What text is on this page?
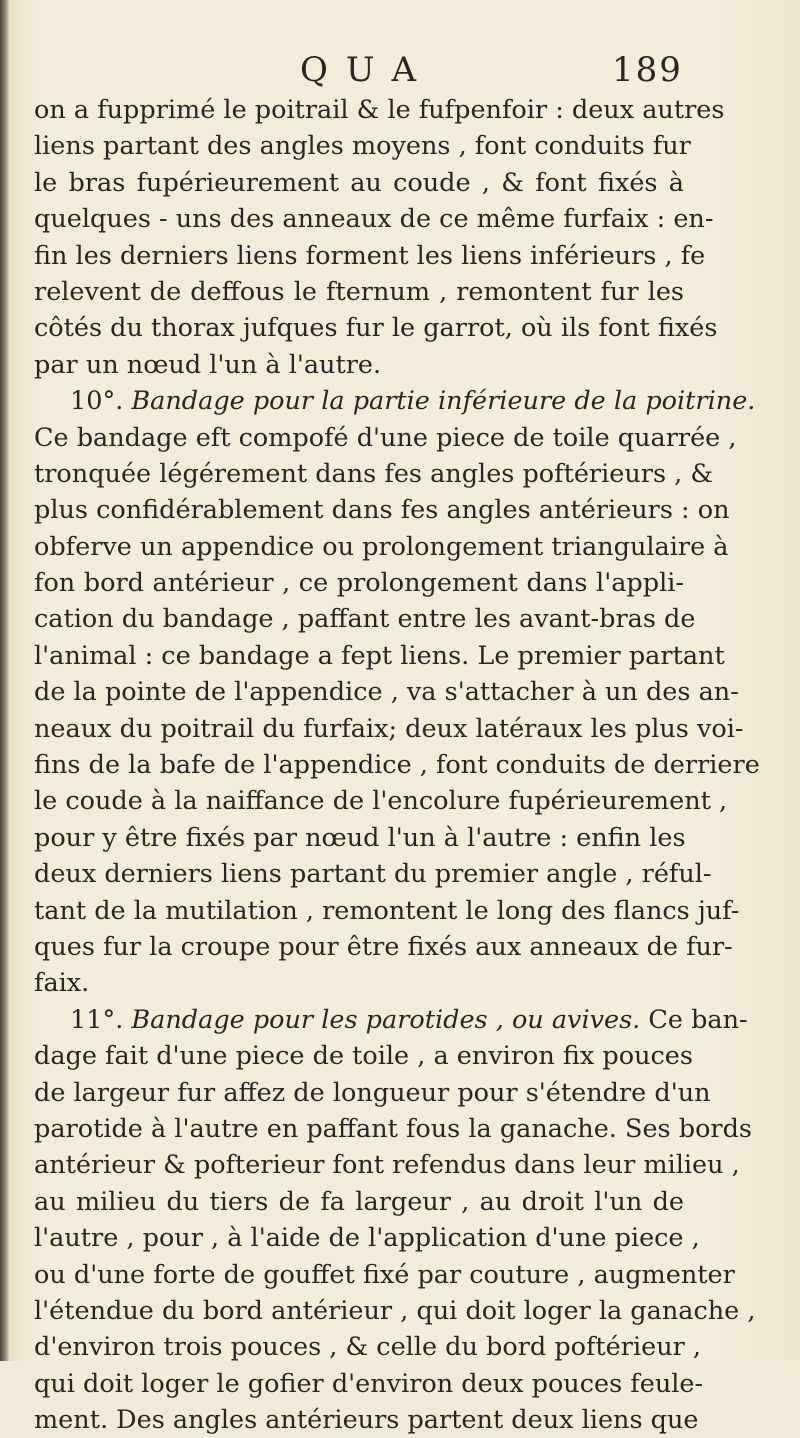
QUA	189
on a fupprimé le poitrail & le fufpenfoir : deux autres
liens partant des angles moyens , font conduits fur
le bras fupérieurement au coude , & font fixés à
quelques - uns des anneaux de ce même furfaix : en-
fin les derniers liens forment les liens inférieurs , fe
relevent de deffous le fternum , remontent fur les
côtés du thorax jufques fur le garrot, où ils font fixés
par un nœud l'un à l'autre.
10°. Bandage pour la partie inférieure de la poitrine.
Ce bandage eft compofé d'une piece de toile quarrée ,
tronquée légérement dans fes angles poftérieurs , &
plus confidérablement dans fes angles antérieurs : on
obferve un appendice ou prolongement triangulaire à
fon bord antérieur , ce prolongement dans l'appli-
cation du bandage , paffant entre les avant-bras de
l'animal : ce bandage a fept liens. Le premier partant
de la pointe de l'appendice , va s'attacher à un des an-
neaux du poitrail du furfaix; deux latéraux les plus voi-
fins de la bafe de l'appendice , font conduits de derriere
le coude à la naiffance de l'encolure fupérieurement ,
pour y être fixés par nœud l'un à l'autre : enfin les
deux derniers liens partant du premier angle , réful-
tant de la mutilation , remontent le long des flancs juf-
ques fur la croupe pour être fixés aux anneaux de fur-
faix.
11°. Bandage pour les parotides , ou avives. Ce ban-
dage fait d'une piece de toile , a environ fix pouces
de largeur fur affez de longueur pour s'étendre d'un
parotide à l'autre en paffant fous la ganache. Ses bords
antérieur & pofterieur font refendus dans leur milieu ,
au milieu du tiers de fa largeur , au droit l'un de
l'autre , pour , à l'aide de l'application d'une piece ,
ou d'une forte de gouffet fixé par couture , augmenter
l'étendue du bord antérieur , qui doit loger la ganache ,
d'environ trois pouces , & celle du bord poftérieur ,
qui doit loger le gofier d'environ deux pouces feule-
ment. Des angles antérieurs partent deux liens que
